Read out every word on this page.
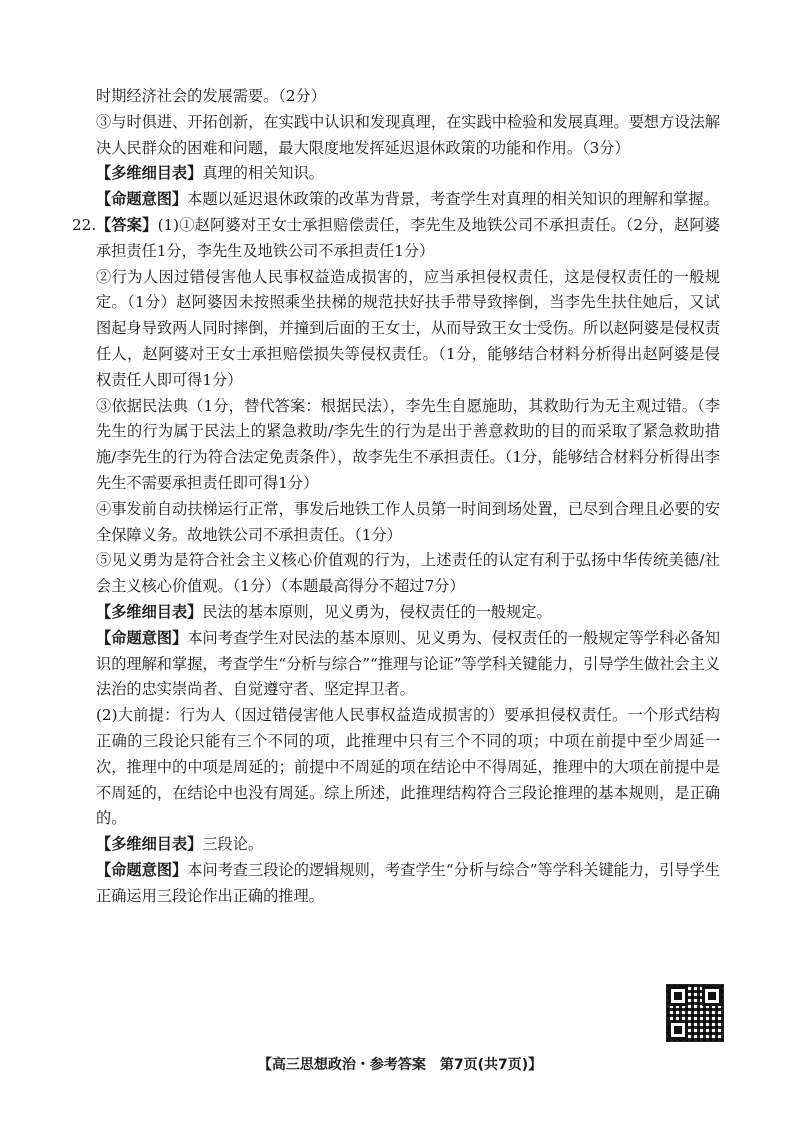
时期经济社会的发展需要。（2分）

③与时俱进、开拓创新，在实践中认识和发现真理，在实践中检验和发展真理。要想方设法解决人民群众的困难和问题，最大限度地发挥延迟退休政策的功能和作用。（3分）

【多维细目表】真理的相关知识。

【命题意图】本题以延迟退休政策的改革为背景，考查学生对真理的相关知识的理解和掌握。

22. 【答案】(1)①赵阿婆对王女士承担赔偿责任，李先生及地铁公司不承担责任。（2分，赵阿婆承担责任1分，李先生及地铁公司不承担责任1分）

②行为人因过错侵害他人民事权益造成损害的，应当承担侵权责任，这是侵权责任的一般规定。（1分）赵阿婆因未按照乘坐扶梯的规范扶好扶手带导致摔倒，当李先生扶住她后，又试图起身导致两人同时摔倒，并撞到后面的王女士，从而导致王女士受伤。所以赵阿婆是侵权责任人，赵阿婆对王女士承担赔偿损失等侵权责任。（1分，能够结合材料分析得出赵阿婆是侵权责任人即可得1分）

③依据民法典（1分，替代答案：根据民法），李先生自愿施助，其救助行为无主观过错。（李先生的行为属于民法上的紧急救助/李先生的行为是出于善意救助的目的而采取了紧急救助措施/李先生的行为符合法定免责条件），故李先生不承担责任。（1分，能够结合材料分析得出李先生不需要承担责任即可得1分）

④事发前自动扶梯运行正常，事发后地铁工作人员第一时间到场处置，已尽到合理且必要的安全保障义务。故地铁公司不承担责任。（1分）

⑤见义勇为是符合社会主义核心价值观的行为，上述责任的认定有利于弘扬中华传统美德/社会主义核心价值观。（1分）（本题最高得分不超过7分）

【多维细目表】民法的基本原则，见义勇为，侵权责任的一般规定。

【命题意图】本问考查学生对民法的基本原则、见义勇为、侵权责任的一般规定等学科必备知识的理解和掌握，考查学生“分析与综合”“推理与论证”等学科关键能力，引导学生做社会主义法治的忠实崇尚者、自觉遵守者、坚定捍卫者。

(2)大前提：行为人（因过错侵害他人民事权益造成损害的）要承担侵权责任。一个形式结构正确的三段论只能有三个不同的项，此推理中只有三个不同的项；中项在前提中至少周延一次，推理中的中项是周延的；前提中不周延的项在结论中不得周延，推理中的大项在前提中是不周延的，在结论中也没有周延。综上所述，此推理结构符合三段论推理的基本规则，是正确的。

【多维细目表】三段论。

【命题意图】本问考查三段论的逻辑规则，考查学生“分析与综合”等学科关键能力，引导学生正确运用三段论作出正确的推理。

【高三思想政治・参考答案　第7页(共7页)】
